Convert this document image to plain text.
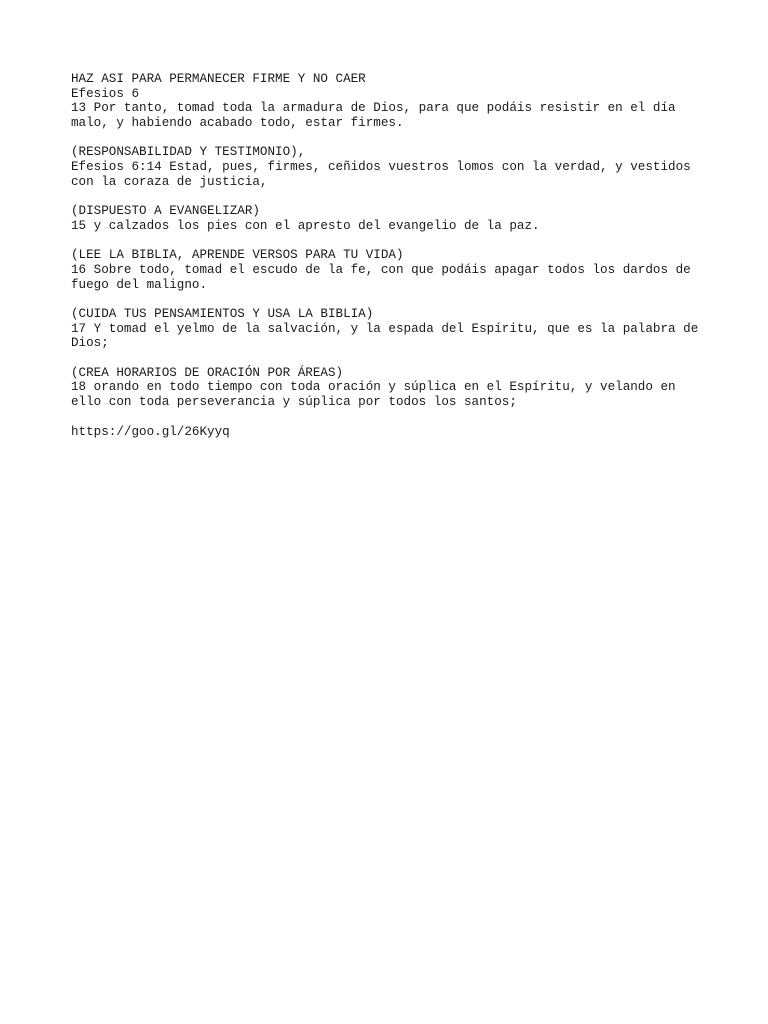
HAZ ASI PARA PERMANECER FIRME Y NO CAER
Efesios 6
13 Por tanto, tomad toda la armadura de Dios, para que podáis resistir en el día
malo, y habiendo acabado todo, estar firmes.
(RESPONSABILIDAD Y TESTIMONIO),
Efesios 6:14 Estad, pues, firmes, ceñidos vuestros lomos con la verdad, y vestidos
con la coraza de justicia,
(DISPUESTO A EVANGELIZAR)
15 y calzados los pies con el apresto del evangelio de la paz.
(LEE LA BIBLIA, APRENDE VERSOS PARA TU VIDA)
16 Sobre todo, tomad el escudo de la fe, con que podáis apagar todos los dardos de
fuego del maligno.
(CUIDA TUS PENSAMIENTOS Y USA LA BIBLIA)
17 Y tomad el yelmo de la salvación, y la espada del Espíritu, que es la palabra de
Dios;
(CREA HORARIOS DE ORACIÓN POR ÁREAS)
18 orando en todo tiempo con toda oración y súplica en el Espíritu, y velando en
ello con toda perseverancia y súplica por todos los santos;
https://goo.gl/26Kyyq
